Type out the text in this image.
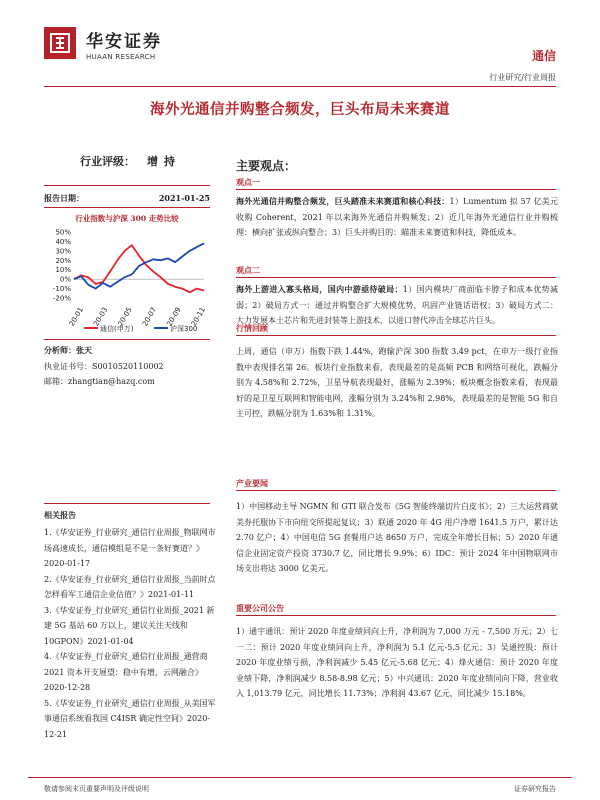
华安证券
HUAAN RESEARCH	通信
行业研究/行业周报
海外光通信并购整合频发，巨头布局未来赛道
行业评级： 增持
报告日期：	2021-01-25
行业指数与沪深 300 走势比较
50%
40%
30%
20%
10%
0%
-10%
-20%
20-01 20-03 20-05 20-07 20-09 20-11
通信(申万)	沪深300
分析师：张天
执业证书号：S0010520110002
邮箱：zhangtian@hazq.com
相关报告
1.《华安证券_行业研究_通信行业周报_物联网市场高速成长，通信模组是不是一条好赛道？》2020-01-17
2.《华安证券_行业研究_通信行业周报_当前时点怎样看军工通信企业估值？》2021-01-11
3.《华安证券_行业研究_通信行业周报_2021 新建 5G 基站 60 万以上，建议关注天线和 10GPON》2021-01-04
4.《华安证券_行业研究_通信行业周报_通营商 2021 资本开支展望：稳中有增，云网融合》2020-12-28
5.《华安证券_行业研究_通信行业周报_从美国军事通信系统看我国 C4ISR 确定性空间》2020-12-21
主要观点：
观点一
海外光通信并购整合频发，巨头踏准未来赛道和核心科技：1）Lumentum 拟 57 亿美元收购 Coherent，2021 年以来海外光通信并购频发；2）近几年海外光通信行业并购梳理：横向扩张或纵向整合；3）巨头并购目的：瞄准未来赛道和科技，降低成本。
观点二
海外上游进入寡头格局，国内中游亟待破局：1）国内模块厂商面临卡脖子和成本优势减弱；2）破局方式一：通过并购整合扩大规模优势，巩固产业链话语权；3）破局方式二：大力发展本土芯片和先进封装等上游技术，以进口替代冲击全球芯片巨头。
行情回顾
上周，通信（申万）指数下跌 1.44%，跑输沪深 300 指数 3.49 pct，在申万一级行业指数中表现排名第 26。板块行业指数来看，表现最差的是高频 PCB 和网络可视化，跌幅分别为 4.58%和 2.72%，卫星导航表现最好，涨幅为 2.39%；板块概念指数来看，表现最好的是卫星互联网和智能电网，涨幅分别为 3.24%和 2.98%，表现最差的是智能 5G 和自主可控，跌幅分别为 1.63%和 1.31%。
产业要闻
1）中国移动主导 NGMN 和 GTI 联合发布《5G 智能终端切片白皮书》；2）三大运营商就美券托服协下市向纽交所提起复议；3）联通 2020 年 4G 用户净增 1641.5 万户，累计达 2.70 亿户；4）中国电信 5G 套餐用户达 8650 万户，完成全年增长目标；5）2020 年通信企业固定资产投资 3730.7 亿，同比增长 9.9%；6）IDC：预计 2024 年中国物联网市场支出将达 3000 亿美元。
重要公司公告
1）通宇通讯：预计 2020 年度业绩同向上升，净利润为 7,000 万元 - 7,500 万元；2）七一二：预计 2020 年度业绩同向上升，净利润为 5.1 亿元-5.5 亿元；3）吴通控股：预计 2020 年度业绩亏损，净利润减少 5.45 亿元-5.68 亿元；4）烽火通信：预计 2020 年度业绩下降，净利润减少 8.58-8.98 亿元；5）中兴通讯：2020 年度业绩同向下降，营业收入 1,013.79 亿元，同比增长 11.73%；净利润 43.67 亿元，同比减少 15.18%。
敬请参阅末页重要声明及评级说明	证券研究报告
